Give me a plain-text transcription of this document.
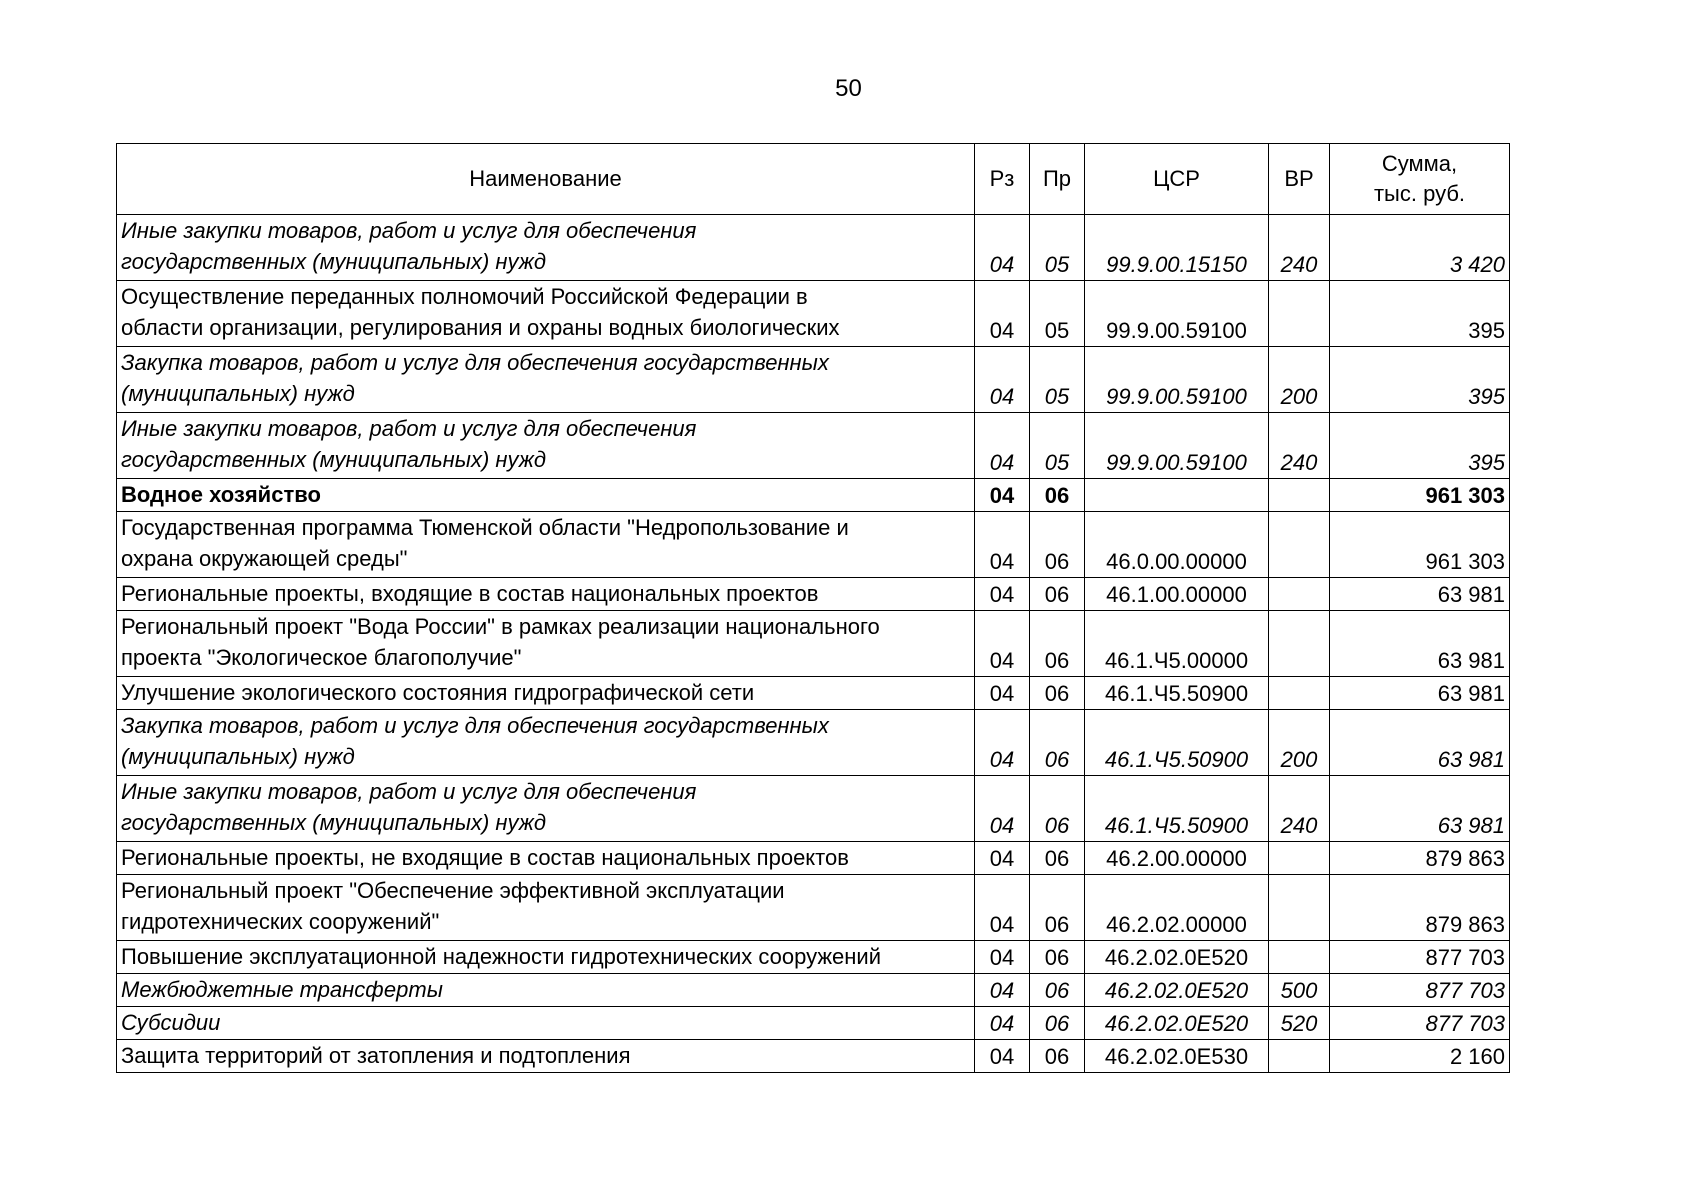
50
Наименование	Рз	Пр	ЦСР	ВР	Сумма,
тыс. руб.

Иные закупки товаров, работ и услуг для обеспечения
государственных (муниципальных) нужд	04	05	99.9.00.15150	240	3 420
Осуществление переданных полномочий Российской Федерации в
области организации, регулирования и охраны водных биологических	04	05	99.9.00.59100		395
Закупка товаров, работ и услуг для обеспечения государственных
(муниципальных) нужд	04	05	99.9.00.59100	200	395
Иные закупки товаров, работ и услуг для обеспечения
государственных (муниципальных) нужд	04	05	99.9.00.59100	240	395
Водное хозяйство	04	06			961 303
Государственная программа Тюменской области "Недропользование и
охрана окружающей среды"	04	06	46.0.00.00000		961 303
Региональные проекты, входящие в состав национальных проектов	04	06	46.1.00.00000		63 981
Региональный проект "Вода России" в рамках реализации национального
проекта "Экологическое благополучие"	04	06	46.1.Ч5.00000		63 981
Улучшение экологического состояния гидрографической сети	04	06	46.1.Ч5.50900		63 981
Закупка товаров, работ и услуг для обеспечения государственных
(муниципальных) нужд	04	06	46.1.Ч5.50900	200	63 981
Иные закупки товаров, работ и услуг для обеспечения
государственных (муниципальных) нужд	04	06	46.1.Ч5.50900	240	63 981
Региональные проекты, не входящие в состав национальных проектов	04	06	46.2.00.00000		879 863
Региональный проект "Обеспечение эффективной эксплуатации
гидротехнических сооружений"	04	06	46.2.02.00000		879 863
Повышение эксплуатационной надежности гидротехнических сооружений	04	06	46.2.02.0Е520		877 703
Межбюджетные трансферты	04	06	46.2.02.0Е520	500	877 703
Субсидии	04	06	46.2.02.0Е520	520	877 703
Защита территорий от затопления и подтопления	04	06	46.2.02.0Е530		2 160
